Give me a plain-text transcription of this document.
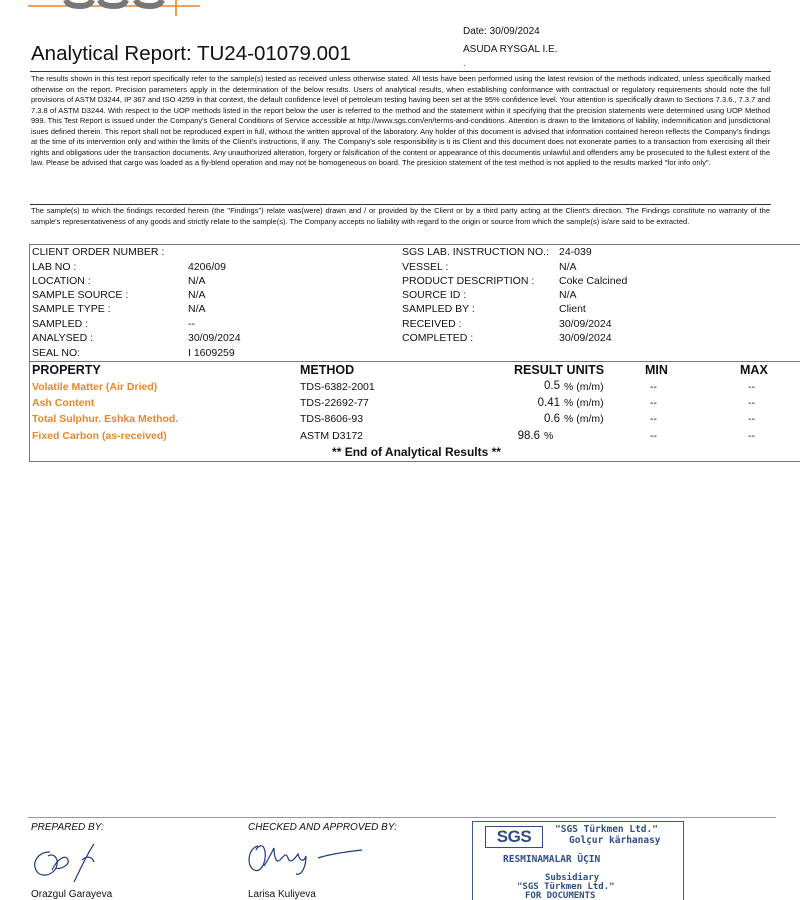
Analytical Report: TU24-01079.001
Date: 30/09/2024
ASUDA RYSGAL I.E.
.
The results shown in this test report specifically refer to the sample(s) tested as received unless otherwise stated. All tests have been performed using the latest revision of the methods indicated, unless specifically marked otherwise on the report. Precision parameters apply in the determination of the below results. Users of analytical results, when establishing conformance with contractual or regulatory requirements should note the full provisions of ASTM D3244, IP 367 and ISO 4259 in that context, the default confidence level of petroleum testing having been set at the 95% confidence level. Your attention is specifically drawn to Sections 7.3.6., 7.3.7 and 7.3.8 of ASTM D3244. With respect to the UOP methods listed in the report below the user is referred to the method and the statement within it specifying that the precision statements were determined using UOP Method 999. This Test Report is issued under the Company's General Conditions of Service accessible at http://www.sgs.com/en/terms-and-conditions. Attention is drawn to the limitations of liability, indemnification and jurisdictional isues defined therein. This report shall not be reproduced expert in full, without the written approval of the laboratory. Any holder of this document is advised that information contained hereon reflects the Company's findings at the time of its intervention only and within the limits of the Client's instructions, if any. The Company's sole responsibility is ti its Client and this document does not exonerate parties to a transaction from exercising all their rights and obligations uder the transaction documents. Any unauthorized alteration, forgery or falsification of the content or appearance of this documentis unlawful and offenders amy be prosecuted to the fullest extent of the law. Please be advised that cargo was loaded as a fly-blend operation and may not be homogeneous on board. The presicion statement of the test method is not applied to the results marked "for info only".
The sample(s) to which the findings recorded herein (the "Findings") relate was(were) drawn and / or provided by the Client or by a third party acting at the Client's direction. The Findings constitute no warranty of the sample's representativeness of any goods and strictly relate to the sample(s). The Company accepts no liability with regard to the origin or source from which the sample(s) is/are said to be extracted.
CLIENT ORDER NUMBER :
LAB NO :	4206/09
LOCATION :	N/A
SAMPLE SOURCE :	N/A
SAMPLE TYPE :	N/A
SAMPLED :	--
ANALYSED :	30/09/2024
SEAL NO:	I 1609259
SGS LAB. INSTRUCTION NO.: 24-039
VESSEL :	N/A
PRODUCT DESCRIPTION : Coke Calcined
SOURCE ID :	N/A
SAMPLED BY :	Client
RECEIVED :	30/09/2024
COMPLETED :	30/09/2024
PROPERTY	METHOD	RESULT UNITS	MIN	MAX
Volatile Matter (Air Dried)	TDS-6382-2001	0.5 % (m/m)	--	--
Ash Content	TDS-22692-77	0.41 % (m/m)	--	--
Total Sulphur. Eshka Method.	TDS-8606-93	0.6 % (m/m)	--	--
Fixed Carbon (as-received)	ASTM D3172	98.6 %	--	--
** End of Analytical Results **
PREPARED BY:
Orazgul Garayeva
CHECKED AND APPROVED BY:
Larisa Kuliyeva
SGS	"SGS Türkmen Ltd."
Golçur kärhanasy
RESMINAMALAR ÜÇIN
Subsidiary
"SGS Türkmen Ltd."
FOR DOCUMENTS
